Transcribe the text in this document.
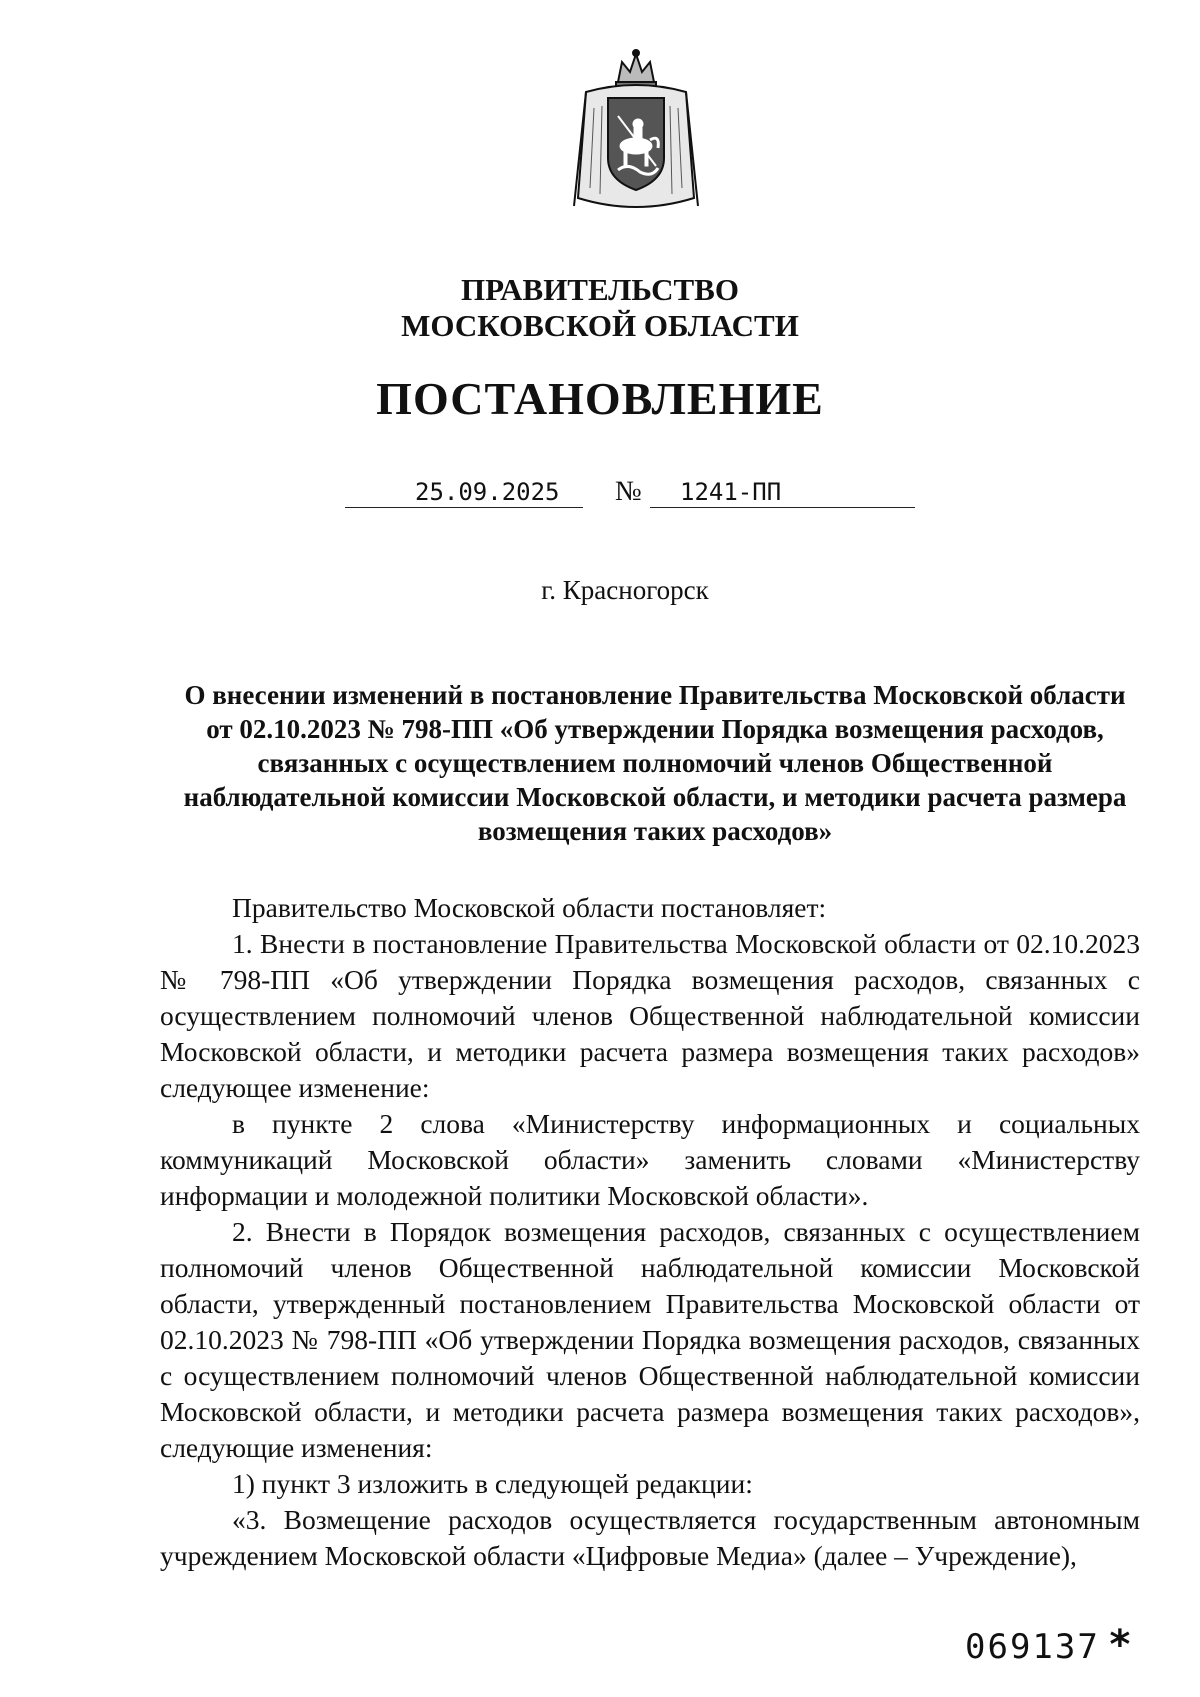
ПРАВИТЕЛЬСТВО
МОСКОВСКОЙ ОБЛАСТИ
ПОСТАНОВЛЕНИЕ
25.09.2025 № 1241-ПП
г. Красногорск
О внесении изменений в постановление Правительства Московской области от 02.10.2023 № 798-ПП «Об утверждении Порядка возмещения расходов, связанных с осуществлением полномочий членов Общественной наблюдательной комиссии Московской области, и методики расчета размера возмещения таких расходов»

Правительство Московской области постановляет:

1. Внести в постановление Правительства Московской области от 02.10.2023 № 798-ПП «Об утверждении Порядка возмещения расходов, связанных с осуществлением полномочий членов Общественной наблюдательной комиссии Московской области, и методики расчета размера возмещения таких расходов» следующее изменение:

в пункте 2 слова «Министерству информационных и социальных коммуникаций Московской области» заменить словами «Министерству информации и молодежной политики Московской области».

2. Внести в Порядок возмещения расходов, связанных с осуществлением полномочий членов Общественной наблюдательной комиссии Московской области, утвержденный постановлением Правительства Московской области от 02.10.2023 № 798-ПП «Об утверждении Порядка возмещения расходов, связанных с осуществлением полномочий членов Общественной наблюдательной комиссии Московской области, и методики расчета размера возмещения таких расходов», следующие изменения:

1) пункт 3 изложить в следующей редакции:

«3. Возмещение расходов осуществляется государственным автономным учреждением Московской области «Цифровые Медиа» (далее – Учреждение),

069137 *
